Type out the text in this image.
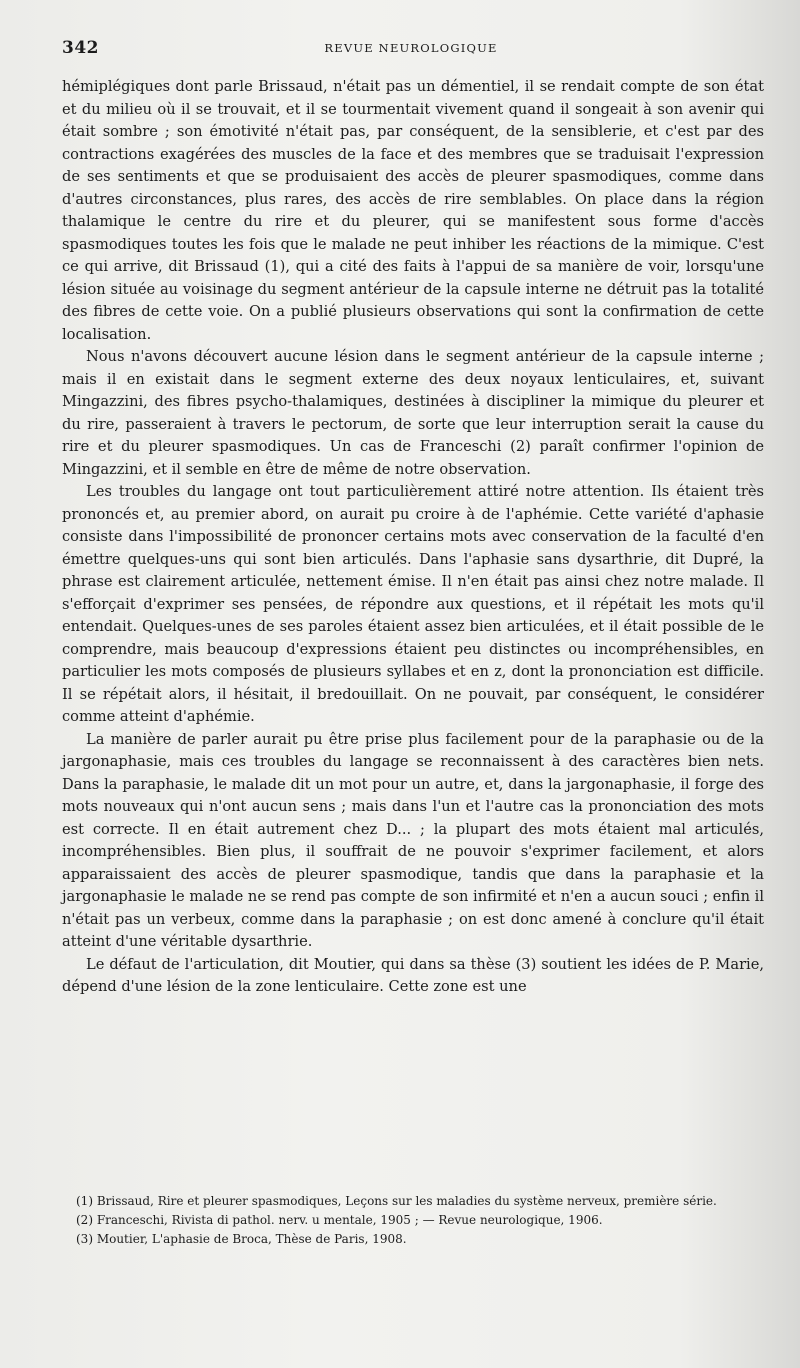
342	REVUE NEUROLOGIQUE

hémiplégiques dont parle Brissaud, n'était pas un démentiel, il se rendait compte de son état et du milieu où il se trouvait, et il se tourmentait vivement quand il songeait à son avenir qui était sombre ; son émotivité n'était pas, par conséquent, de la sensiblerie, et c'est par des contractions exagérées des muscles de la face et des membres que se traduisait l'expression de ses sentiments et que se produisaient des accès de pleurer spasmodiques, comme dans d'autres circonstances, plus rares, des accès de rire semblables. On place dans la région thalamique le centre du rire et du pleurer, qui se manifestent sous forme d'accès spasmodiques toutes les fois que le malade ne peut inhiber les réactions de la mimique. C'est ce qui arrive, dit Brissaud (1), qui a cité des faits à l'appui de sa manière de voir, lorsqu'une lésion située au voisinage du segment antérieur de la capsule interne ne détruit pas la totalité des fibres de cette voie. On a publié plusieurs observations qui sont la confirmation de cette localisation.

Nous n'avons découvert aucune lésion dans le segment antérieur de la capsule interne ; mais il en existait dans le segment externe des deux noyaux lenticulaires, et, suivant Mingazzini, des fibres psycho-thalamiques, destinées à discipliner la mimique du pleurer et du rire, passeraient à travers le pectorum, de sorte que leur interruption serait la cause du rire et du pleurer spasmodiques. Un cas de Franceschi (2) paraît confirmer l'opinion de Mingazzini, et il semble en être de même de notre observation.

Les troubles du langage ont tout particulièrement attiré notre attention. Ils étaient très prononcés et, au premier abord, on aurait pu croire à de l'aphémie. Cette variété d'aphasie consiste dans l'impossibilité de prononcer certains mots avec conservation de la faculté d'en émettre quelques-uns qui sont bien articulés. Dans l'aphasie sans dysarthrie, dit Dupré, la phrase est clairement articulée, nettement émise. Il n'en était pas ainsi chez notre malade. Il s'efforçait d'exprimer ses pensées, de répondre aux questions, et il répétait les mots qu'il entendait. Quelques-unes de ses paroles étaient assez bien articulées, et il était possible de le comprendre, mais beaucoup d'expressions étaient peu distinctes ou incompréhensibles, en particulier les mots composés de plusieurs syllabes et en z, dont la prononciation est difficile. Il se répétait alors, il hésitait, il bredouillait. On ne pouvait, par conséquent, le considérer comme atteint d'aphémie.

La manière de parler aurait pu être prise plus facilement pour de la paraphasie ou de la jargonaphasie, mais ces troubles du langage se reconnaissent à des caractères bien nets. Dans la paraphasie, le malade dit un mot pour un autre, et, dans la jargonaphasie, il forge des mots nouveaux qui n'ont aucun sens ; mais dans l'un et l'autre cas la prononciation des mots est correcte. Il en était autrement chez D... ; la plupart des mots étaient mal articulés, incompréhensibles. Bien plus, il souffrait de ne pouvoir s'exprimer facilement, et alors apparaissaient des accès de pleurer spasmodique, tandis que dans la paraphasie et la jargonaphasie le malade ne se rend pas compte de son infirmité et n'en a aucun souci ; enfin il n'était pas un verbeux, comme dans la paraphasie ; on est donc amené à conclure qu'il était atteint d'une véritable dysarthrie.

Le défaut de l'articulation, dit Moutier, qui dans sa thèse (3) soutient les idées de P. Marie, dépend d'une lésion de la zone lenticulaire. Cette zone est une

(1) Brissaud, Rire et pleurer spasmodiques, Leçons sur les maladies du système nerveux, première série.

(2) Franceschi, Rivista di pathol. nerv. u mentale, 1905 ; — Revue neurologique, 1906.

(3) Moutier, L'aphasie de Broca, Thèse de Paris, 1908.
